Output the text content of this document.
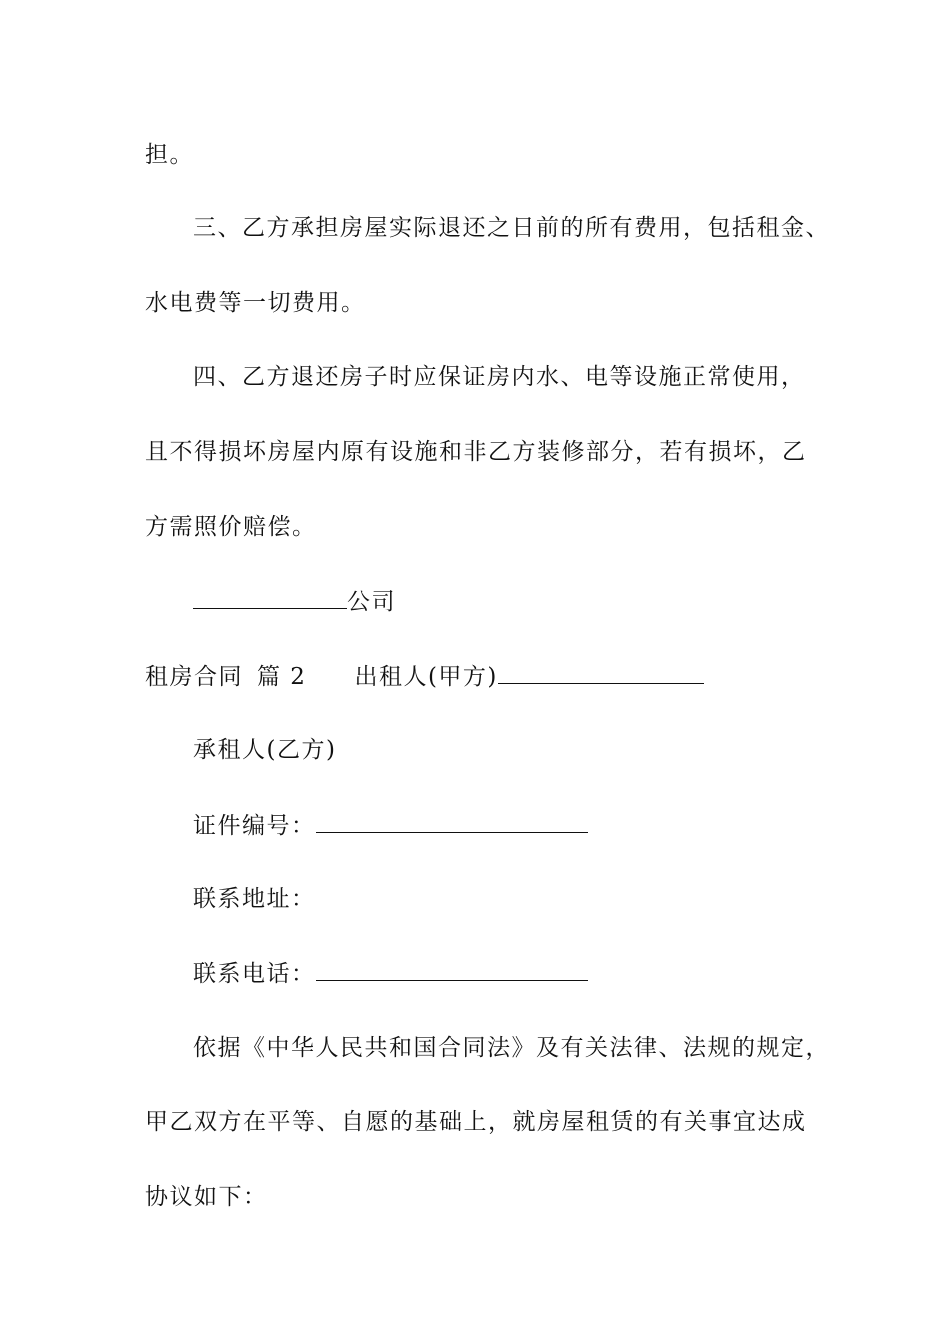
担。
三、乙方承担房屋实际退还之日前的所有费用，包括租金、
水电费等一切费用。
四、乙方退还房子时应保证房内水、电等设施正常使用，
且不得损坏房屋内原有设施和非乙方装修部分，若有损坏，乙
方需照价赔偿。
公司
租房合同 篇 2 出租人(甲方)
承租人(乙方)
证件编号：
联系地址：
联系电话：
依据《中华人民共和国合同法》及有关法律、法规的规定，
甲乙双方在平等、自愿的基础上，就房屋租赁的有关事宜达成
协议如下：
